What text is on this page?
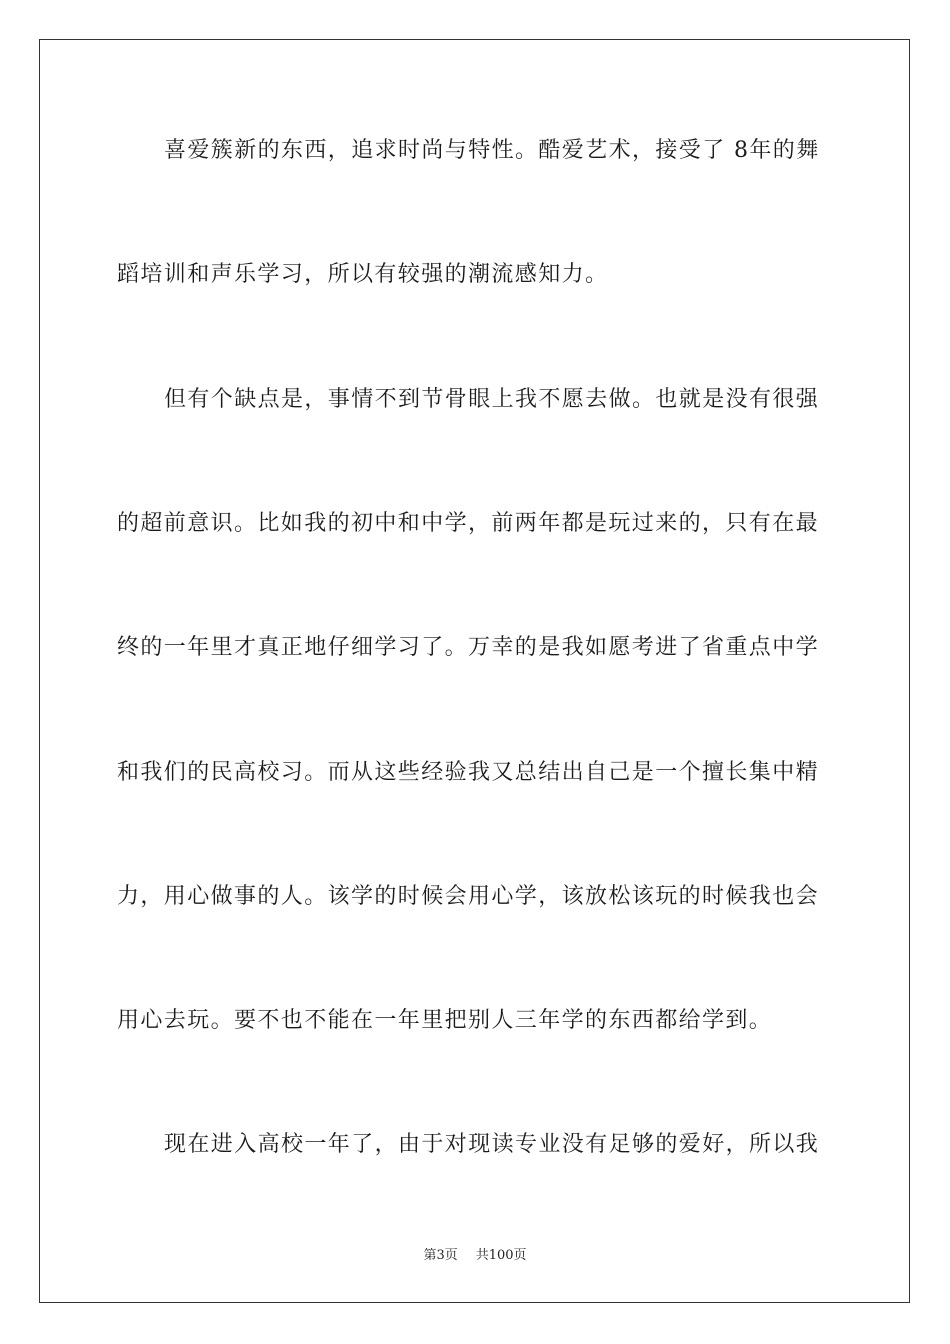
喜爱簇新的东西，追求时尚与特性。酷爱艺术，接受了 8年的舞
蹈培训和声乐学习，所以有较强的潮流感知力。
但有个缺点是，事情不到节骨眼上我不愿去做。也就是没有很强
的超前意识。比如我的初中和中学，前两年都是玩过来的，只有在最
终的一年里才真正地仔细学习了。万幸的是我如愿考进了省重点中学
和我们的民高校习。而从这些经验我又总结出自己是一个擅长集中精
力，用心做事的人。该学的时候会用心学，该放松该玩的时候我也会
用心去玩。要不也不能在一年里把别人三年学的东西都给学到。
现在进入高校一年了，由于对现读专业没有足够的爱好，所以我
第3页 共100页
